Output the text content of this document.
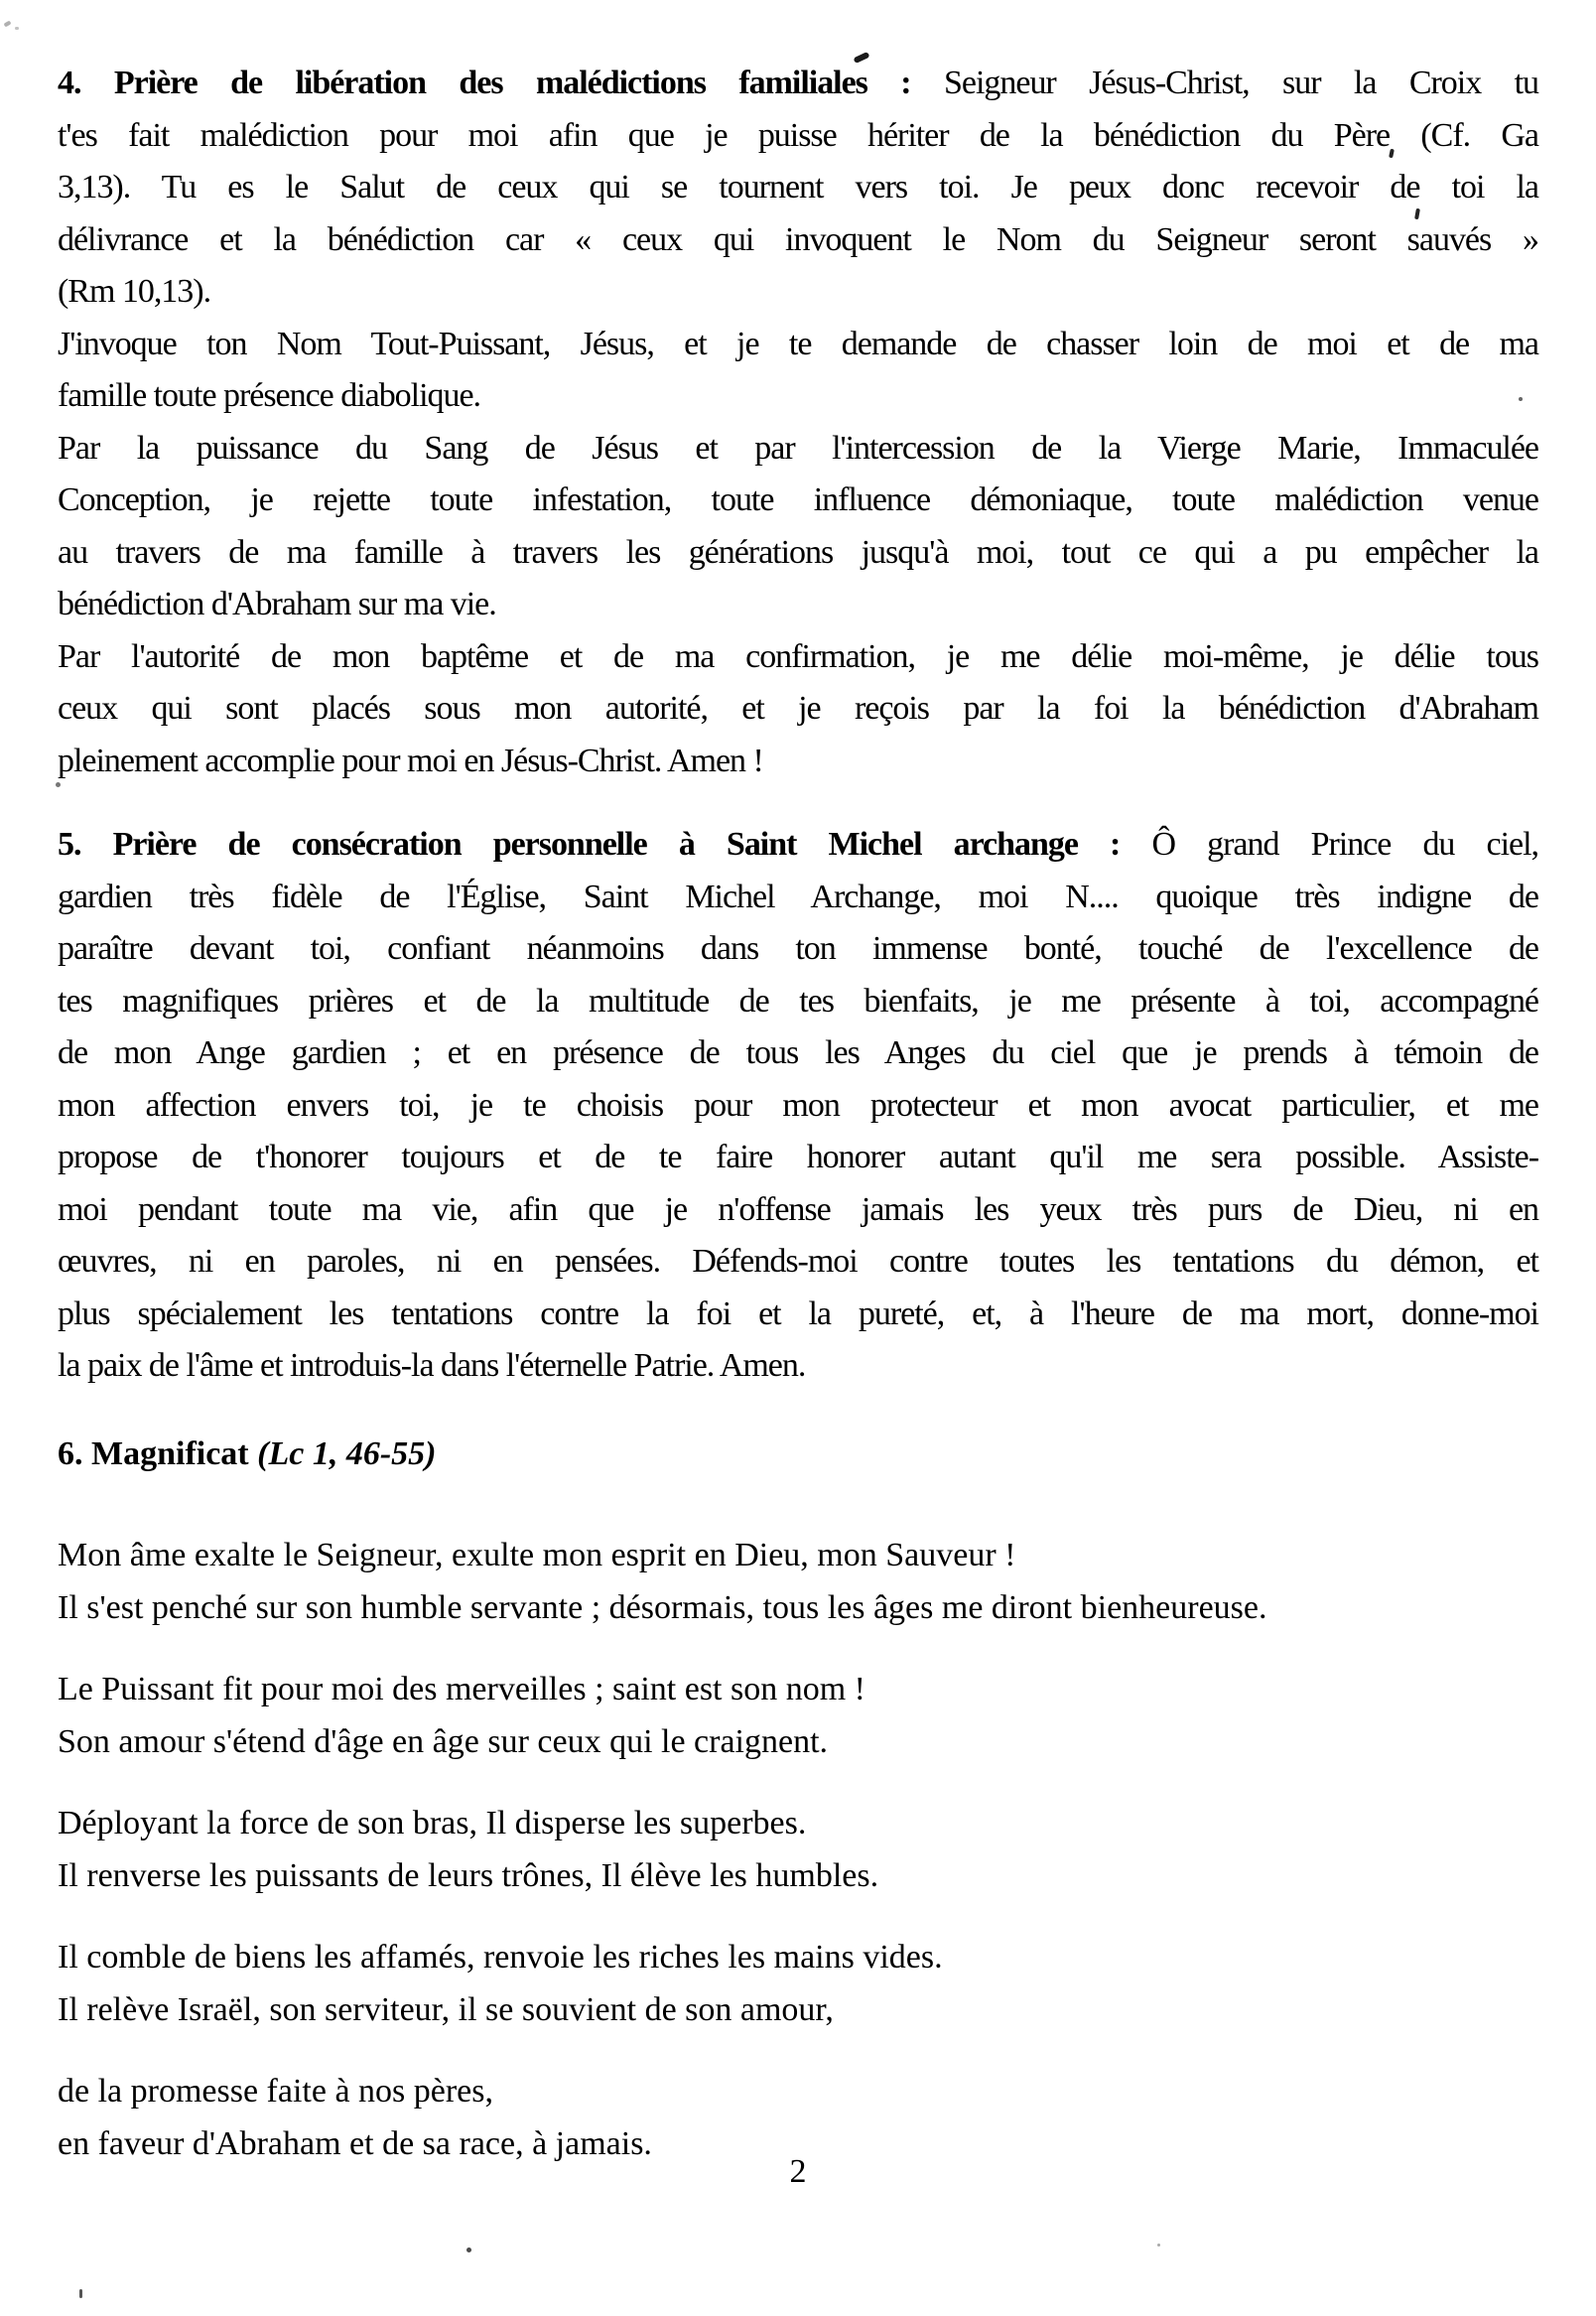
4. Prière de libération des malédictions familiales : Seigneur Jésus-Christ, sur la Croix tu
t'es fait malédiction pour moi afin que je puisse hériter de la bénédiction du Père (Cf. Ga
3,13). Tu es le Salut de ceux qui se tournent vers toi. Je peux donc recevoir de toi la
délivrance et la bénédiction car « ceux qui invoquent le Nom du Seigneur seront sauvés »
(Rm 10,13).

J'invoque ton Nom Tout-Puissant, Jésus, et je te demande de chasser loin de moi et de ma
famille toute présence diabolique.

Par la puissance du Sang de Jésus et par l'intercession de la Vierge Marie, Immaculée
Conception, je rejette toute infestation, toute influence démoniaque, toute malédiction venue
au travers de ma famille à travers les générations jusqu'à moi, tout ce qui a pu empêcher la
bénédiction d'Abraham sur ma vie.

Par l'autorité de mon baptême et de ma confirmation, je me délie moi-même, je délie tous
ceux qui sont placés sous mon autorité, et je reçois par la foi la bénédiction d'Abraham
pleinement accomplie pour moi en Jésus-Christ. Amen !

5. Prière de consécration personnelle à Saint Michel archange : Ô grand Prince du ciel,
gardien très fidèle de l'Église, Saint Michel Archange, moi N.... quoique très indigne de
paraître devant toi, confiant néanmoins dans ton immense bonté, touché de l'excellence de
tes magnifiques prières et de la multitude de tes bienfaits, je me présente à toi, accompagné
de mon Ange gardien ; et en présence de tous les Anges du ciel que je prends à témoin de
mon affection envers toi, je te choisis pour mon protecteur et mon avocat particulier, et me
propose de t'honorer toujours et de te faire honorer autant qu'il me sera possible. Assiste-
moi pendant toute ma vie, afin que je n'offense jamais les yeux très purs de Dieu, ni en
œuvres, ni en paroles, ni en pensées. Défends-moi contre toutes les tentations du démon, et
plus spécialement les tentations contre la foi et la pureté, et, à l'heure de ma mort, donne-moi
la paix de l'âme et introduis-la dans l'éternelle Patrie. Amen.

6. Magnificat (Lc 1, 46-55)

Mon âme exalte le Seigneur, exulte mon esprit en Dieu, mon Sauveur !
Il s'est penché sur son humble servante ; désormais, tous les âges me diront bienheureuse.

Le Puissant fit pour moi des merveilles ; saint est son nom !
Son amour s'étend d'âge en âge sur ceux qui le craignent.

Déployant la force de son bras, Il disperse les superbes.
Il renverse les puissants de leurs trônes, Il élève les humbles.

Il comble de biens les affamés, renvoie les riches les mains vides.
Il relève Israël, son serviteur, il se souvient de son amour,

de la promesse faite à nos pères,
en faveur d'Abraham et de sa race, à jamais.

2
